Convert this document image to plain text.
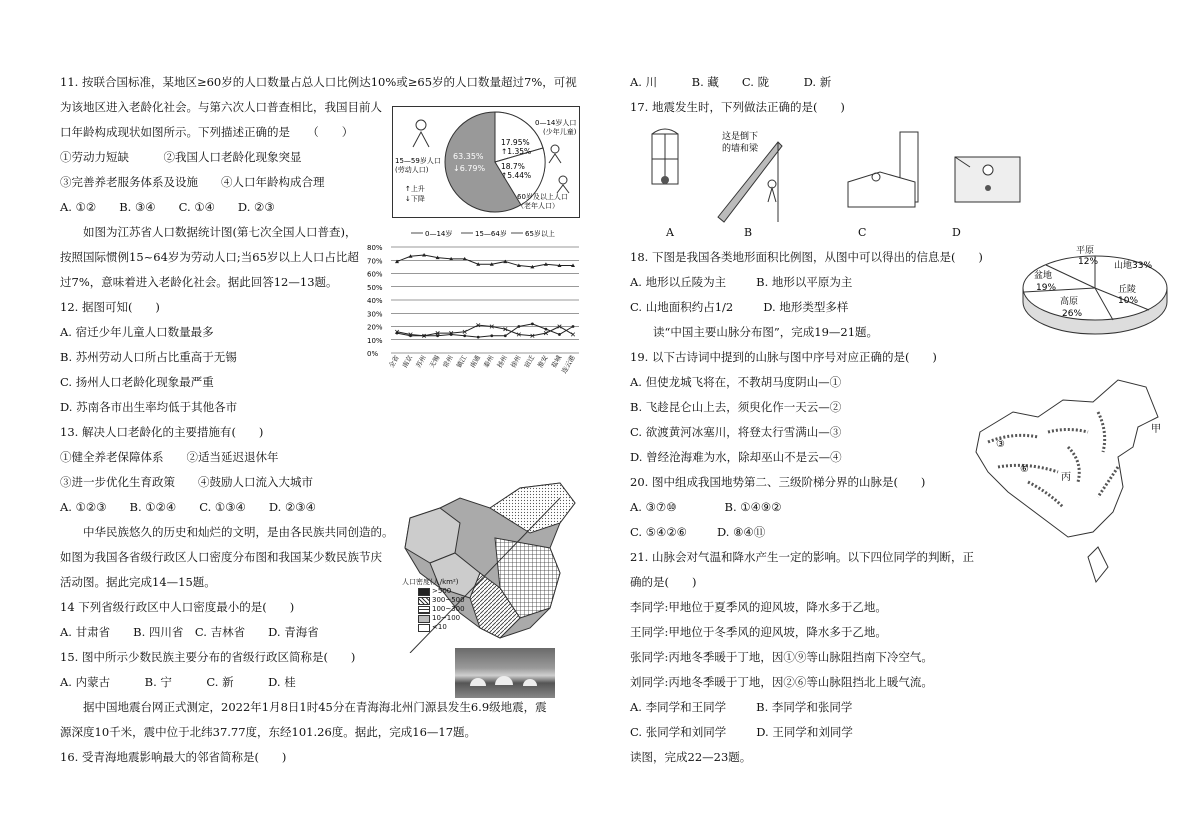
11. 按联合国标准，某地区≥60岁的人口数量占总人口比例达10%或≥65岁的人口数量超过7%，可视
为该地区进入老龄化社会。与第六次人口普查相比，我国目前人
口年龄构成现状如图所示。下列描述正确的是　　（　　）
①劳动力短缺　　　②我国人口老龄化现象突显
③完善养老服务体系及设施　　④人口年龄构成合理
A. ①②　　B. ③④　　C. ①④　　D. ②③
　　如图为江苏省人口数据统计图(第七次全国人口普查)，
按照国际惯例15~64岁为劳动人口;当65岁以上人口占比超
过7%，意味着进入老龄化社会。据此回答12—13题。
12. 据图可知(　　)
A. 宿迁少年儿童人口数量最多
B. 苏州劳动人口所占比重高于无锡
C. 扬州人口老龄化现象最严重
D. 苏南各市出生率均低于其他各市
13. 解决人口老龄化的主要措施有(　　)
①健全养老保障体系　　②适当延迟退休年
③进一步优化生育政策　　④鼓励人口流入大城市
A. ①②③　　B. ①②④　　C. ①③④　　D. ②③④
　　中华民族悠久的历史和灿烂的文明，是由各民族共同创造的。
如图为我国各省级行政区人口密度分布图和我国某少数民族节庆
活动图。据此完成14—15题。
14 下列省级行政区中人口密度最小的是(　　)
A. 甘肃省　　B. 四川省　C. 吉林省　　D. 青海省
15. 图中所示少数民族主要分布的省级行政区简称是(　　)
A. 内蒙古　　　B. 宁　　　C. 新　　　D. 桂
　　据中国地震台网正式测定，2022年1月8日1时45分在青海海北州门源县发生6.9级地震，震
源深度10千米，震中位于北纬37.77度，东经101.26度。据此，完成16—17题。
16. 受青海地震影响最大的邻省简称是(　　)
63.35%
↓6.79%
17.95%
↑1.35%
18.7%
↑5.44%
0—14岁人口
(少年儿童)
15—59岁人口
(劳动人口)
60岁及以上人口
（老年人口）
↑上升
↓下降
0—14岁	15—64岁	65岁以上
80%
70%
60%
50%
40%
30%
20%
10%
0% 全省 南京 苏州 无锡 常州 镇江 南通 泰州 扬州 徐州 宿迁 淮安 盐城
连云港
人口密度(人/km²)
>500
300~500
100~300
10~100
<10
A. 川　　　B. 藏　　C. 陇　　　D. 新
17. 地震发生时，下列做法正确的是(　　)
18. 下图是我国各类地形面积比例图，从图中可以得出的信息是(　　)
A. 地形以丘陵为主	B. 地形以平原为主
C. 山地面积约占1/2	D. 地形类型多样
　　读“中国主要山脉分布图”，完成19—21题。
19. 以下古诗词中提到的山脉与图中序号对应正确的是(　　)
A. 但使龙城飞将在，不教胡马度阴山—①
B. 飞趁昆仑山上去，须臾化作一天云—②
C. 欲渡黄河冰塞川，将登太行雪满山—③
D. 曾经沧海难为水，除却巫山不是云—④
20. 图中组成我国地势第二、三级阶梯分界的山脉是(　　)
A. ③⑦⑩	B. ①④⑨②
C. ⑤④②⑥	D. ⑧④⑪
21. 山脉会对气温和降水产生一定的影响。以下四位同学的判断，正
确的是(　　)
李同学:甲地位于夏季风的迎风坡，降水多于乙地。
王同学:甲地位于冬季风的迎风坡，降水多于乙地。
张同学:丙地冬季暖于丁地，因①⑨等山脉阻挡南下冷空气。
刘同学:丙地冬季暖于丁地，因②⑥等山脉阻挡北上暖气流。
A. 李同学和王同学	B. 李同学和张同学
C. 张同学和刘同学	D. 王同学和刘同学
读图，完成22—23题。
这是倒下
的墙和梁
A	B	C	D
平原
12% 山地33%
盆地
19%
高原
26%
丘陵
10%
③
⑥
甲
丙
